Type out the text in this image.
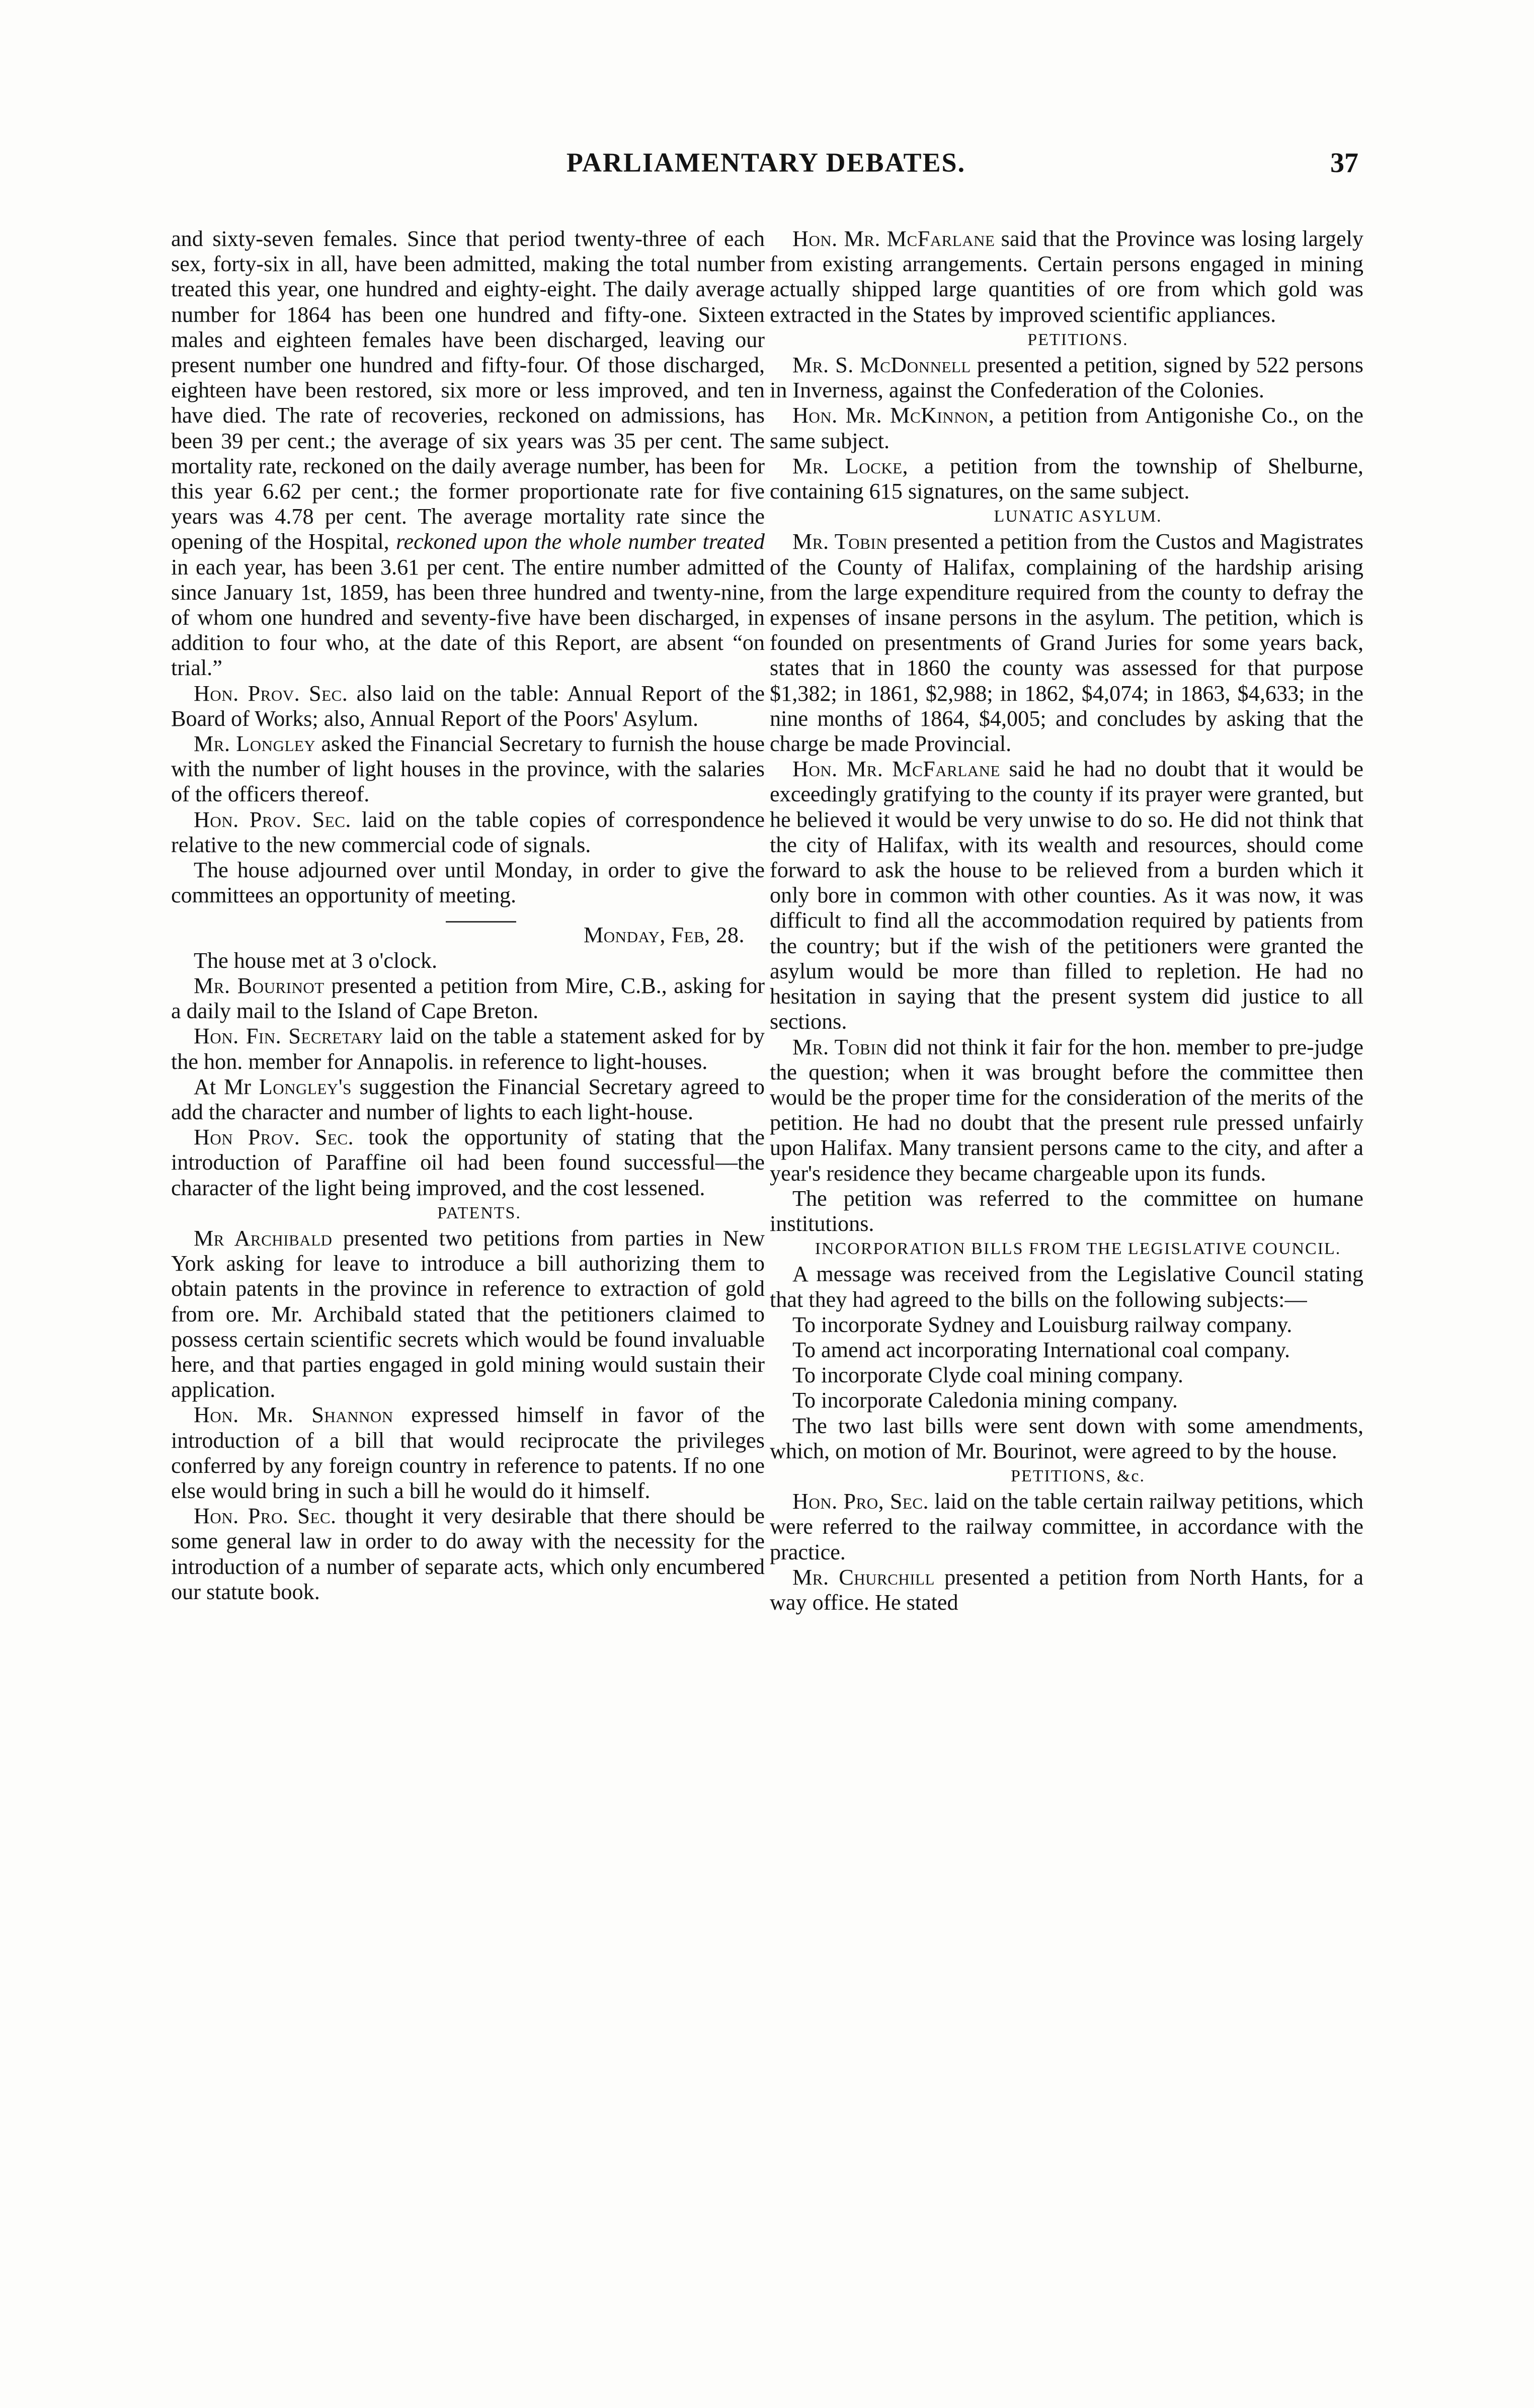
PARLIAMENTARY DEBATES.	37

and sixty-seven females. Since that period twenty-three of each sex, forty-six in all, have been admitted, making the total number treated this year, one hundred and eighty-eight. The daily average number for 1864 has been one hundred and fifty-one. Sixteen males and eighteen females have been discharged, leaving our present number one hundred and fifty-four. Of those discharged, eighteen have been restored, six more or less improved, and ten have died. The rate of recoveries, reckoned on admissions, has been 39 per cent.; the average of six years was 35 per cent. The mortality rate, reckoned on the daily average number, has been for this year 6.62 per cent.; the former proportionate rate for five years was 4.78 per cent. The average mortality rate since the opening of the Hospital, reckoned upon the whole number treated in each year, has been 3.61 per cent. The entire number admitted since January 1st, 1859, has been three hundred and twenty-nine, of whom one hundred and seventy-five have been discharged, in addition to four who, at the date of this Report, are absent “on trial.”

Hon. Prov. Sec. also laid on the table: Annual Report of the Board of Works; also, Annual Report of the Poors' Asylum.

Mr. Longley asked the Financial Secretary to furnish the house with the number of light houses in the province, with the salaries of the officers thereof.

Hon. Prov. Sec. laid on the table copies of correspondence relative to the new commercial code of signals.

The house adjourned over until Monday, in order to give the committees an opportunity of meeting.

Monday, Feb, 28.

The house met at 3 o'clock.

Mr. Bourinot presented a petition from Mire, C.B., asking for a daily mail to the Island of Cape Breton.

Hon. Fin. Secretary laid on the table a statement asked for by the hon. member for Annapolis. in reference to light-houses.

At Mr Longley's suggestion the Financial Secretary agreed to add the character and number of lights to each light-house.

Hon Prov. Sec. took the opportunity of stating that the introduction of Paraffine oil had been found successful—the character of the light being improved, and the cost lessened.

PATENTS.

Mr Archibald presented two petitions from parties in New York asking for leave to introduce a bill authorizing them to obtain patents in the province in reference to extraction of gold from ore. Mr. Archibald stated that the petitioners claimed to possess certain scientific secrets which would be found invaluable here, and that parties engaged in gold mining would sustain their application.

Hon. Mr. Shannon expressed himself in favor of the introduction of a bill that would reciprocate the privileges conferred by any foreign country in reference to patents. If no one else would bring in such a bill he would do it himself.

Hon. Pro. Sec. thought it very desirable that there should be some general law in order to do away with the necessity for the introduction of a number of separate acts, which only encumbered our statute book.

Hon. Mr. McFarlane said that the Province was losing largely from existing arrangements. Certain persons engaged in mining actually shipped large quantities of ore from which gold was extracted in the States by improved scientific appliances.

PETITIONS.

Mr. S. McDonnell presented a petition, signed by 522 persons in Inverness, against the Confederation of the Colonies.

Hon. Mr. McKinnon, a petition from Antigonishe Co., on the same subject.

Mr. Locke, a petition from the township of Shelburne, containing 615 signatures, on the same subject.

LUNATIC ASYLUM.

Mr. Tobin presented a petition from the Custos and Magistrates of the County of Halifax, complaining of the hardship arising from the large expenditure required from the county to defray the expenses of insane persons in the asylum. The petition, which is founded on presentments of Grand Juries for some years back, states that in 1860 the county was assessed for that purpose $1,382; in 1861, $2,988; in 1862, $4,074; in 1863, $4,633; in the nine months of 1864, $4,005; and concludes by asking that the charge be made Provincial.

Hon. Mr. McFarlane said he had no doubt that it would be exceedingly gratifying to the county if its prayer were granted, but he believed it would be very unwise to do so. He did not think that the city of Halifax, with its wealth and resources, should come forward to ask the house to be relieved from a burden which it only bore in common with other counties. As it was now, it was difficult to find all the accommodation required by patients from the country; but if the wish of the petitioners were granted the asylum would be more than filled to repletion. He had no hesitation in saying that the present system did justice to all sections.

Mr. Tobin did not think it fair for the hon. member to pre-judge the question; when it was brought before the committee then would be the proper time for the consideration of the merits of the petition. He had no doubt that the present rule pressed unfairly upon Halifax. Many transient persons came to the city, and after a year's residence they became chargeable upon its funds.

The petition was referred to the committee on humane institutions.

INCORPORATION BILLS FROM THE LEGISLATIVE COUNCIL.

A message was received from the Legislative Council stating that they had agreed to the bills on the following subjects:—

To incorporate Sydney and Louisburg railway company.

To amend act incorporating International coal company.

To incorporate Clyde coal mining company.

To incorporate Caledonia mining company.

The two last bills were sent down with some amendments, which, on motion of Mr. Bourinot, were agreed to by the house.

PETITIONS, &c.

Hon. Pro, Sec. laid on the table certain railway petitions, which were referred to the railway committee, in accordance with the practice.

Mr. Churchill presented a petition from North Hants, for a way office. He stated
